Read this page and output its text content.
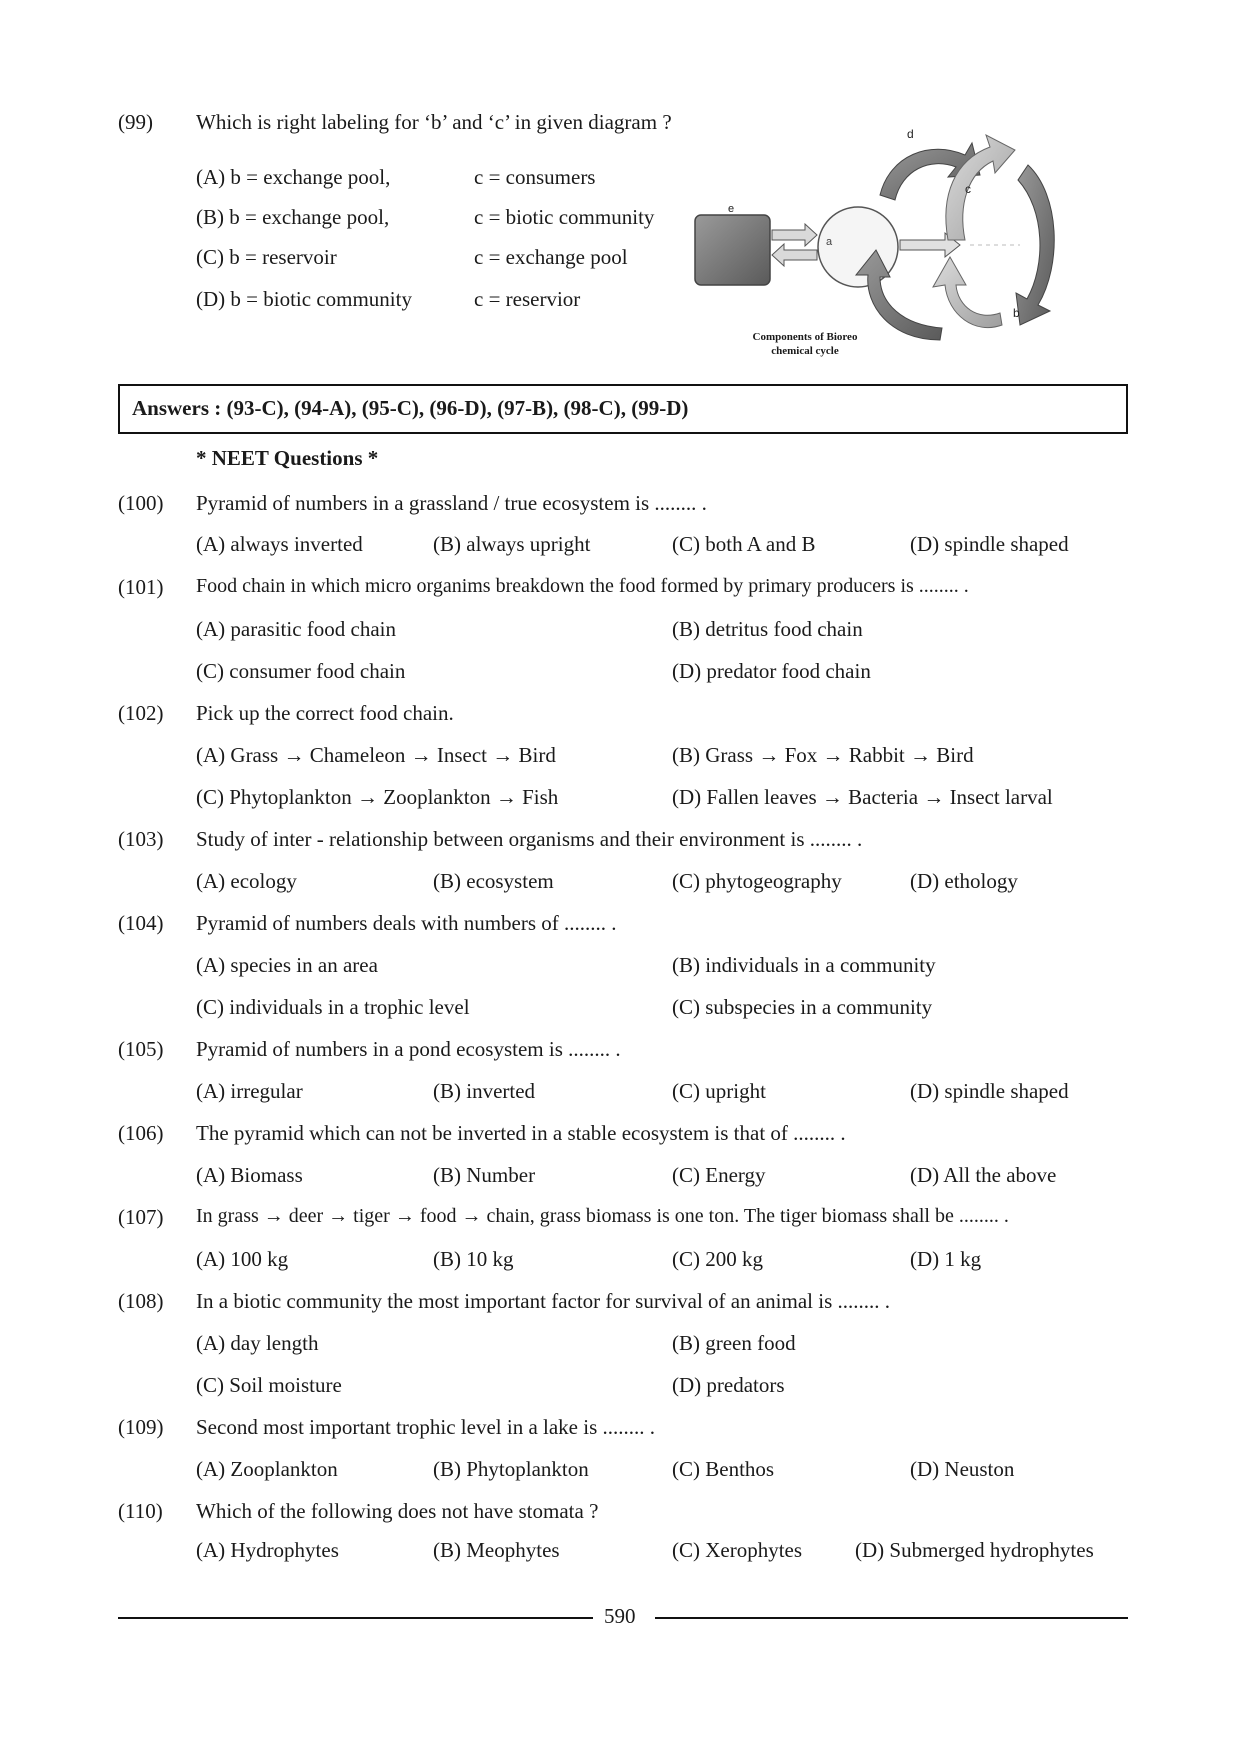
(99) Which is right labeling for ‘b’ and ‘c’ in given diagram ?
(A) b = exchange pool,	c = consumers
(B) b = exchange pool,	c = biotic community
(C) b = reservoir	c = exchange pool
(D) b = biotic community	c = reservior
e
a
d
c
b
Components of Bioreo
chemical cycle
Answers : (93-C), (94-A), (95-C), (96-D), (97-B), (98-C), (99-D)
* NEET Questions *
(100) Pyramid of numbers in a grassland / true ecosystem is ........ .
(A) always inverted	(B) always upright	(C) both A and B	(D) spindle shaped
(101) Food chain in which micro organims breakdown the food formed by primary producers is ........ .
(A) parasitic food chain	(B) detritus food chain
(C) consumer food chain	(D) predator food chain
(102) Pick up the correct food chain.
(A) Grass → Chameleon → Insect → Bird	(B) Grass → Fox → Rabbit → Bird
(C) Phytoplankton → Zooplankton → Fish	(D) Fallen leaves → Bacteria → Insect larval
(103) Study of inter - relationship between organisms and their environment is ........ .
(A) ecology	(B) ecosystem	(C) phytogeography	(D) ethology
(104) Pyramid of numbers deals with numbers of ........ .
(A) species in an area	(B) individuals in a community
(C) individuals in a trophic level	(C) subspecies in a community
(105) Pyramid of numbers in a pond ecosystem is ........ .
(A) irregular	(B) inverted	(C) upright	(D) spindle shaped
(106) The pyramid which can not be inverted in a stable ecosystem is that of ........ .
(A) Biomass	(B) Number	(C) Energy	(D) All the above
(107) In grass → deer → tiger → food → chain, grass biomass is one ton. The tiger biomass shall be ........ .
(A) 100 kg	(B) 10 kg	(C) 200 kg	(D) 1 kg
(108) In a biotic community the most important factor for survival of an animal is ........ .
(A) day length	(B) green food
(C) Soil moisture	(D) predators
(109) Second most important trophic level in a lake is ........ .
(A) Zooplankton	(B) Phytoplankton	(C) Benthos	(D) Neuston
(110) Which of the following does not have stomata ?
(A) Hydrophytes	(B) Meophytes	(C) Xerophytes	(D) Submerged hydrophytes
590
